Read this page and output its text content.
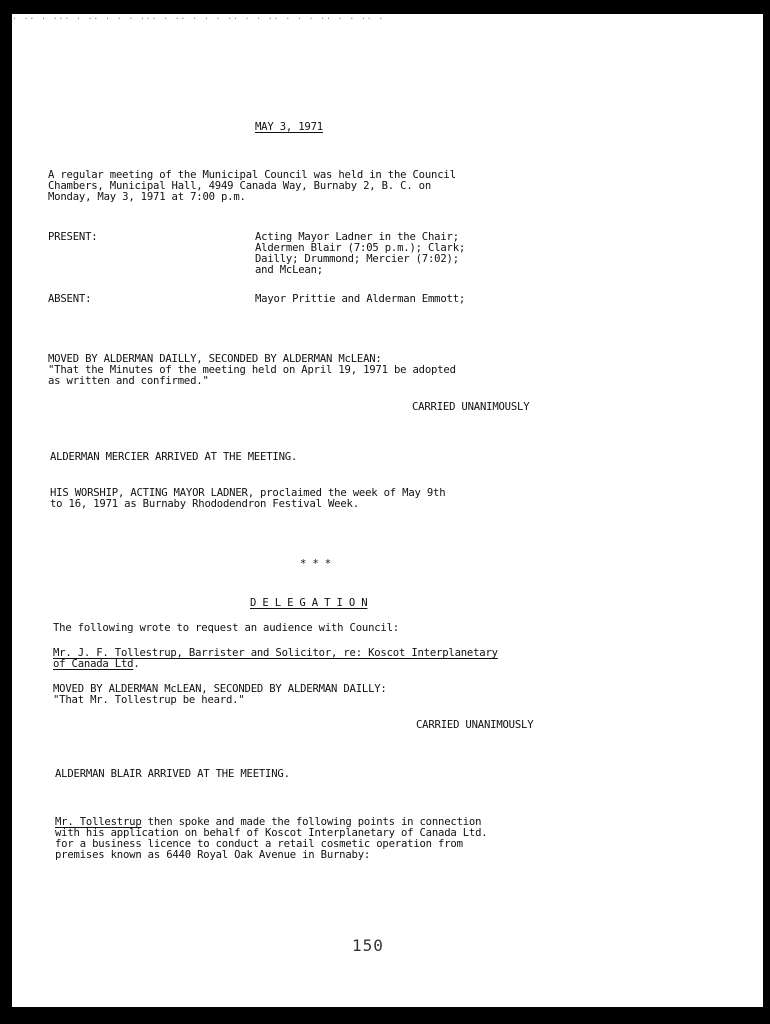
· ·· · ··· · ·· · · · ··· · ·· · · · ·· · · ·· · · · ·· · · ·· ·

MAY 3, 1971

A regular meeting of the Municipal Council was held in the Council

Chambers, Municipal Hall, 4949 Canada Way, Burnaby 2, B. C. on

Monday, May 3, 1971 at 7:00 p.m.

PRESENT:	Acting Mayor Ladner in the Chair;

Aldermen Blair (7:05 p.m.); Clark;

Dailly; Drummond; Mercier (7:02);

and McLean;

ABSENT:	Mayor Prittie and Alderman Emmott;

MOVED BY ALDERMAN DAILLY, SECONDED BY ALDERMAN McLEAN:

"That the Minutes of the meeting held on April 19, 1971 be adopted

as written and confirmed."

CARRIED UNANIMOUSLY

ALDERMAN MERCIER ARRIVED AT THE MEETING.

HIS WORSHIP, ACTING MAYOR LADNER, proclaimed the week of May 9th

to 16, 1971 as Burnaby Rhododendron Festival Week.

* * *

D E L E G A T I O N

The following wrote to request an audience with Council:

Mr. J. F. Tollestrup, Barrister and Solicitor, re: Koscot Interplanetary

of Canada Ltd.

MOVED BY ALDERMAN McLEAN, SECONDED BY ALDERMAN DAILLY:

"That Mr. Tollestrup be heard."

CARRIED UNANIMOUSLY

ALDERMAN BLAIR ARRIVED AT THE MEETING.

Mr. Tollestrup then spoke and made the following points in connection

with his application on behalf of Koscot Interplanetary of Canada Ltd.

for a business licence to conduct a retail cosmetic operation from

premises known as 6440 Royal Oak Avenue in Burnaby:

150
